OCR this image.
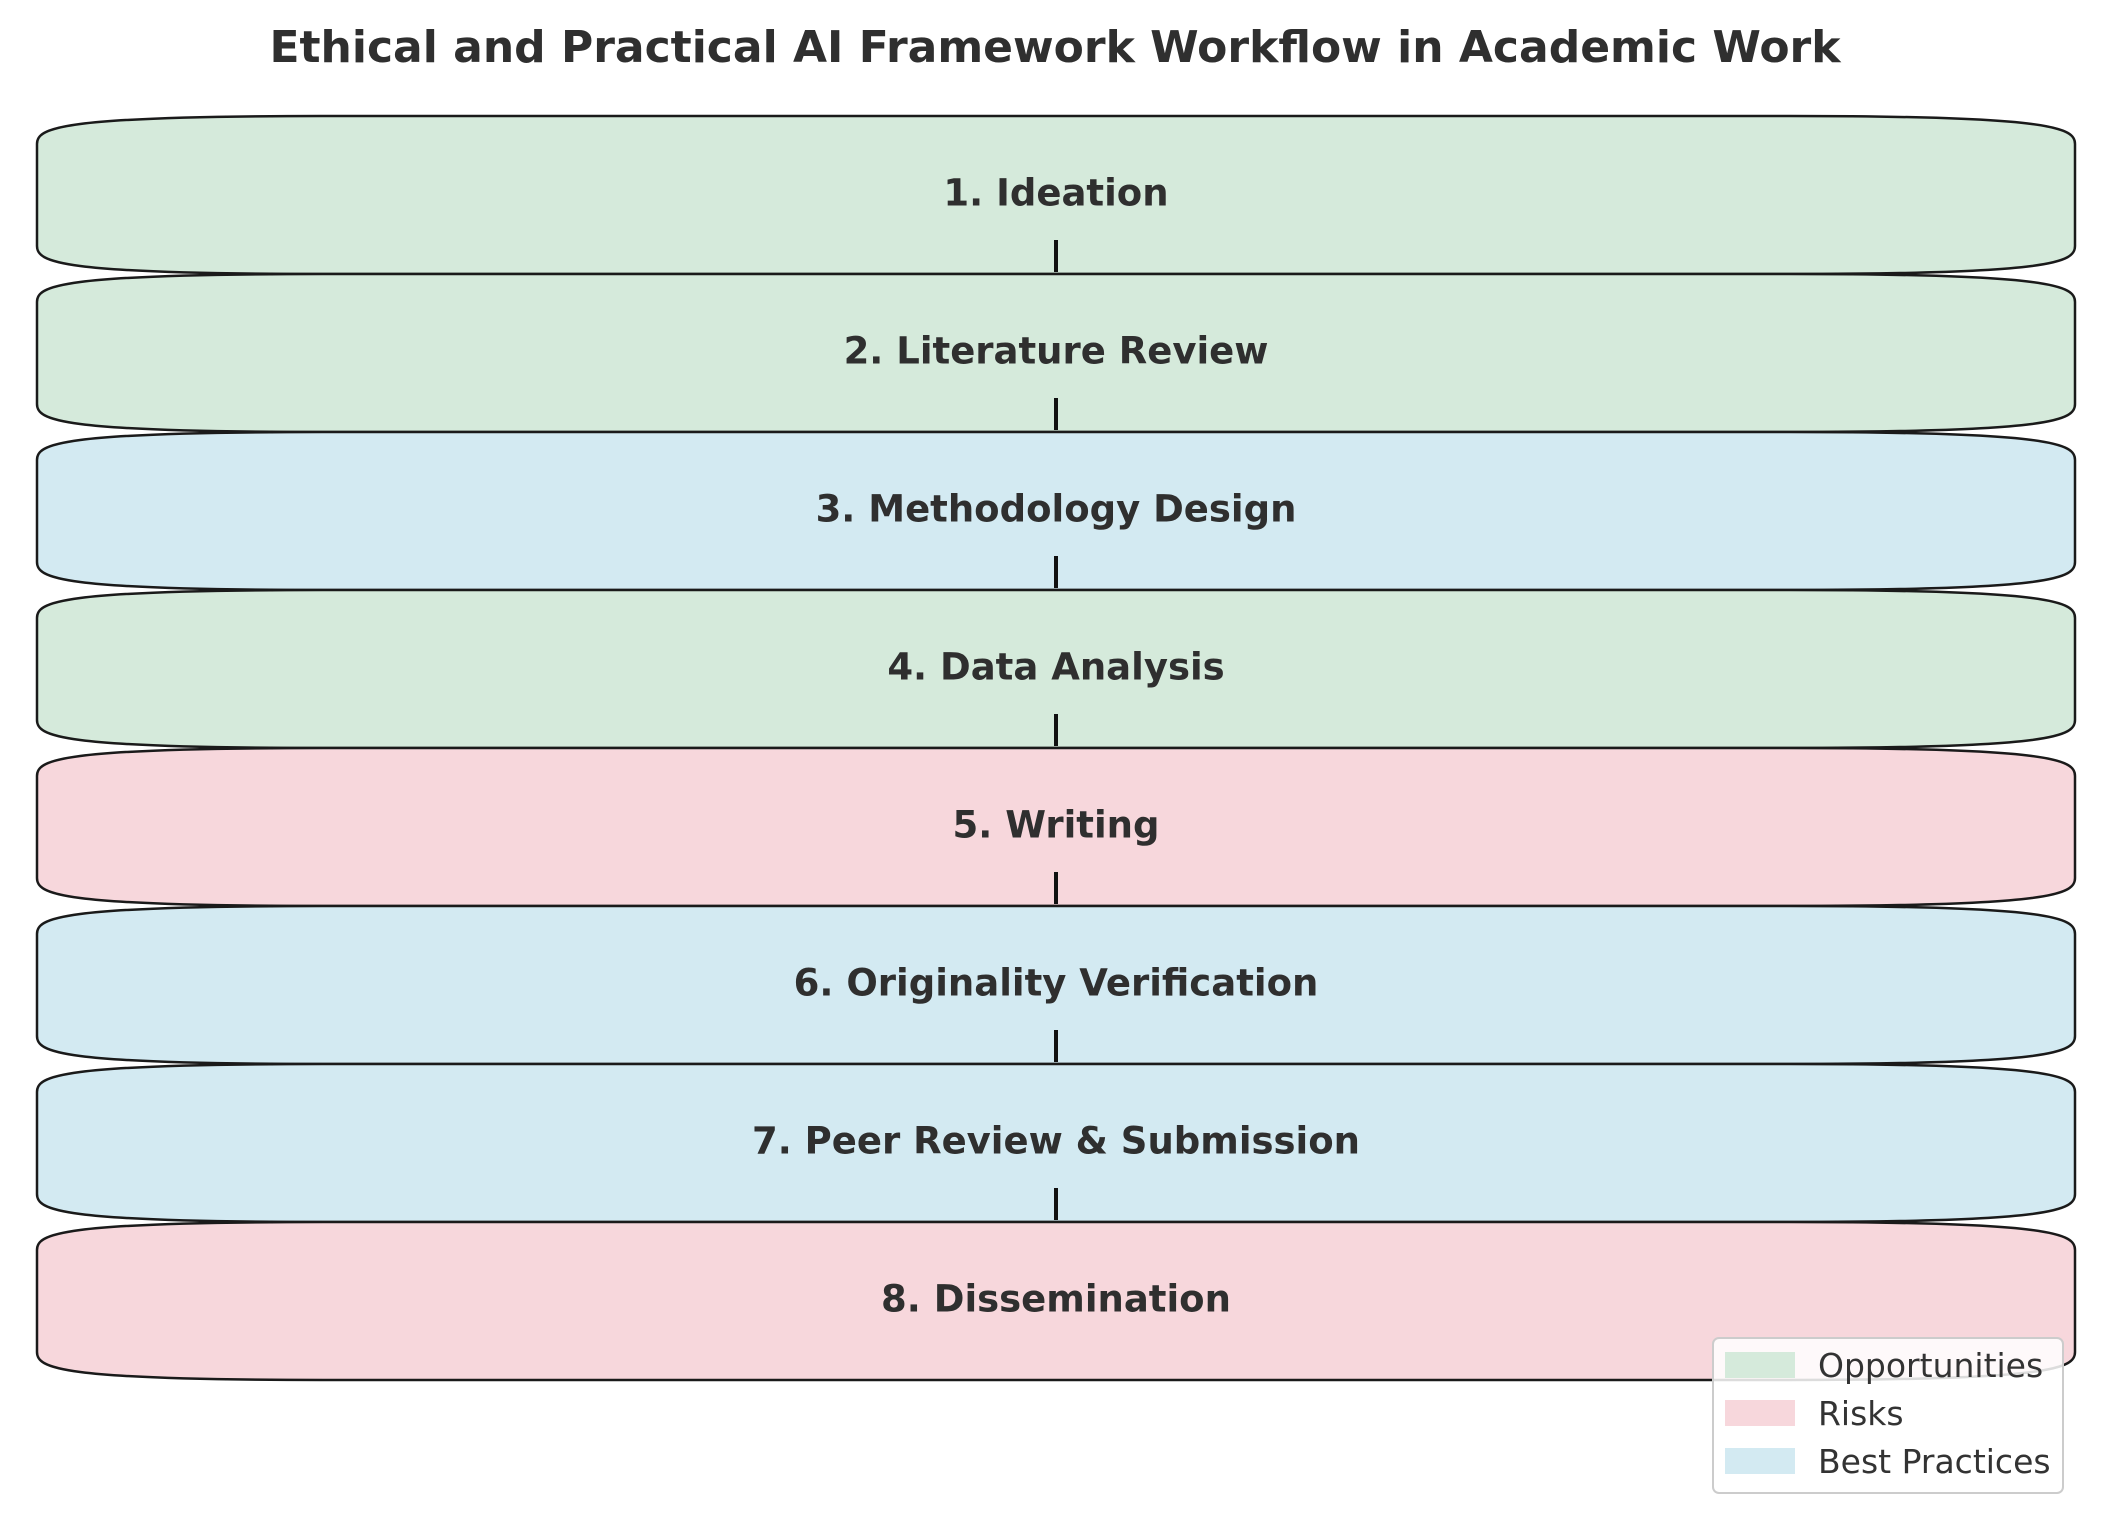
Ethical and Practical AI Framework Workflow in Academic Work
1. Ideation
2. Literature Review
3. Methodology Design
4. Data Analysis
5. Writing
6. Originality Verification
7. Peer Review & Submission
8. Dissemination
Opportunities
Risks
Best Practices
